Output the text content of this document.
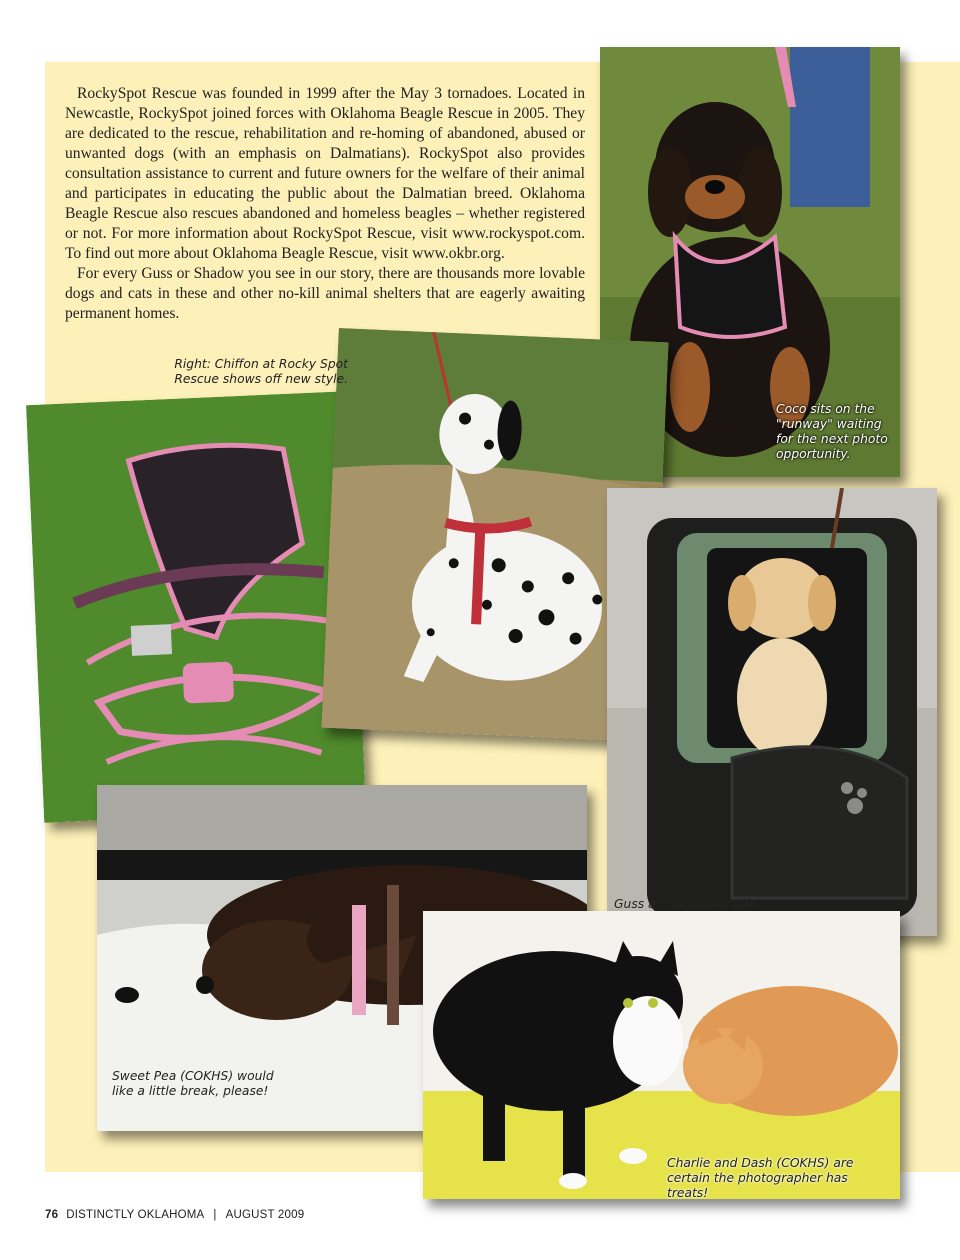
RockySpot Rescue was founded in 1999 after the May 3 tornadoes. Located in Newcastle, RockySpot joined forces with Oklahoma Beagle Rescue in 2005. They are dedicated to the rescue, rehabilitation and re-homing of abandoned, abused or unwanted dogs (with an emphasis on Dalmatians). RockySpot also provides consultation assistance to current and future owners for the welfare of their animal and participates in educating the public about the Dalmatian breed. Oklahoma Beagle Rescue also rescues abandoned and homeless beagles – whether registered or not. For more information about RockySpot Rescue, visit www.rockyspot.com. To find out more about Oklahoma Beagle Rescue, visit www.okbr.org.

For every Guss or Shadow you see in our story, there are thousands more lovable dogs and cats in these and other no-kill animal shelters that are eagerly awaiting permanent homes.

Coco sits on the "runway" waiting for the next photo opportunity.
Right: Chiffon at Rocky Spot Rescue shows off new style.
Guss at Friends for Life
Sweet Pea (COKHS) would like a little break, please!
Charlie and Dash (COKHS) are certain the photographer has treats!
76 DISTINCTLY OKLAHOMA | AUGUST 2009
